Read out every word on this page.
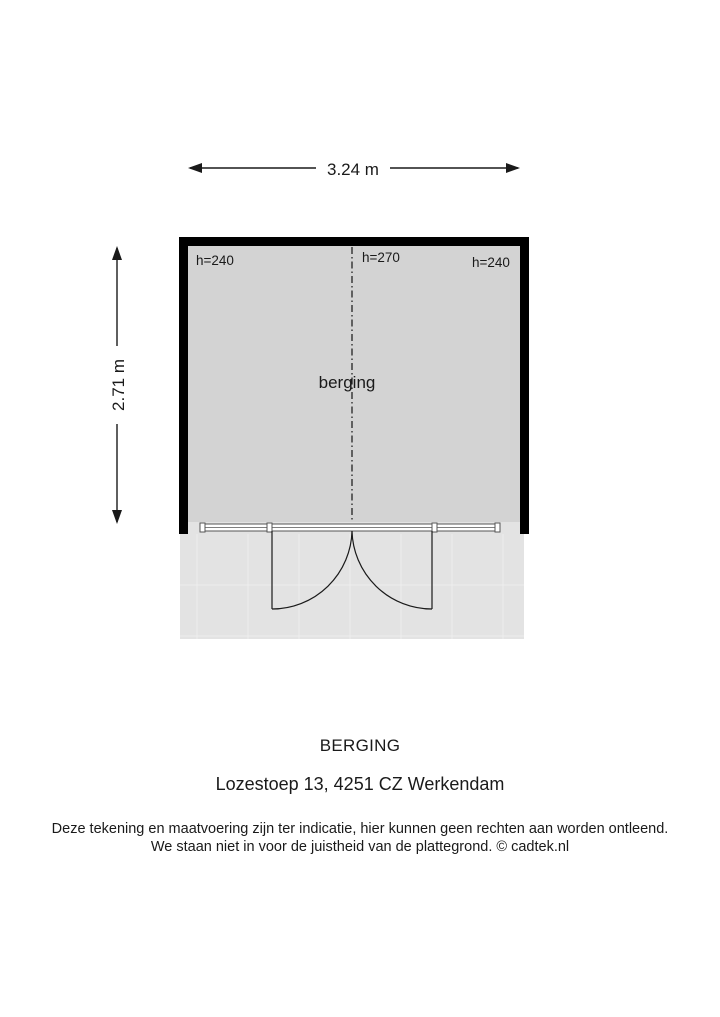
3.24 m
2.71 m
h=240	h=270	h=240
berging

BERGING

Lozestoep 13, 4251 CZ Werkendam

Deze tekening en maatvoering zijn ter indicatie, hier kunnen geen rechten aan worden ontleend.

We staan niet in voor de juistheid van de plattegrond. © cadtek.nl
